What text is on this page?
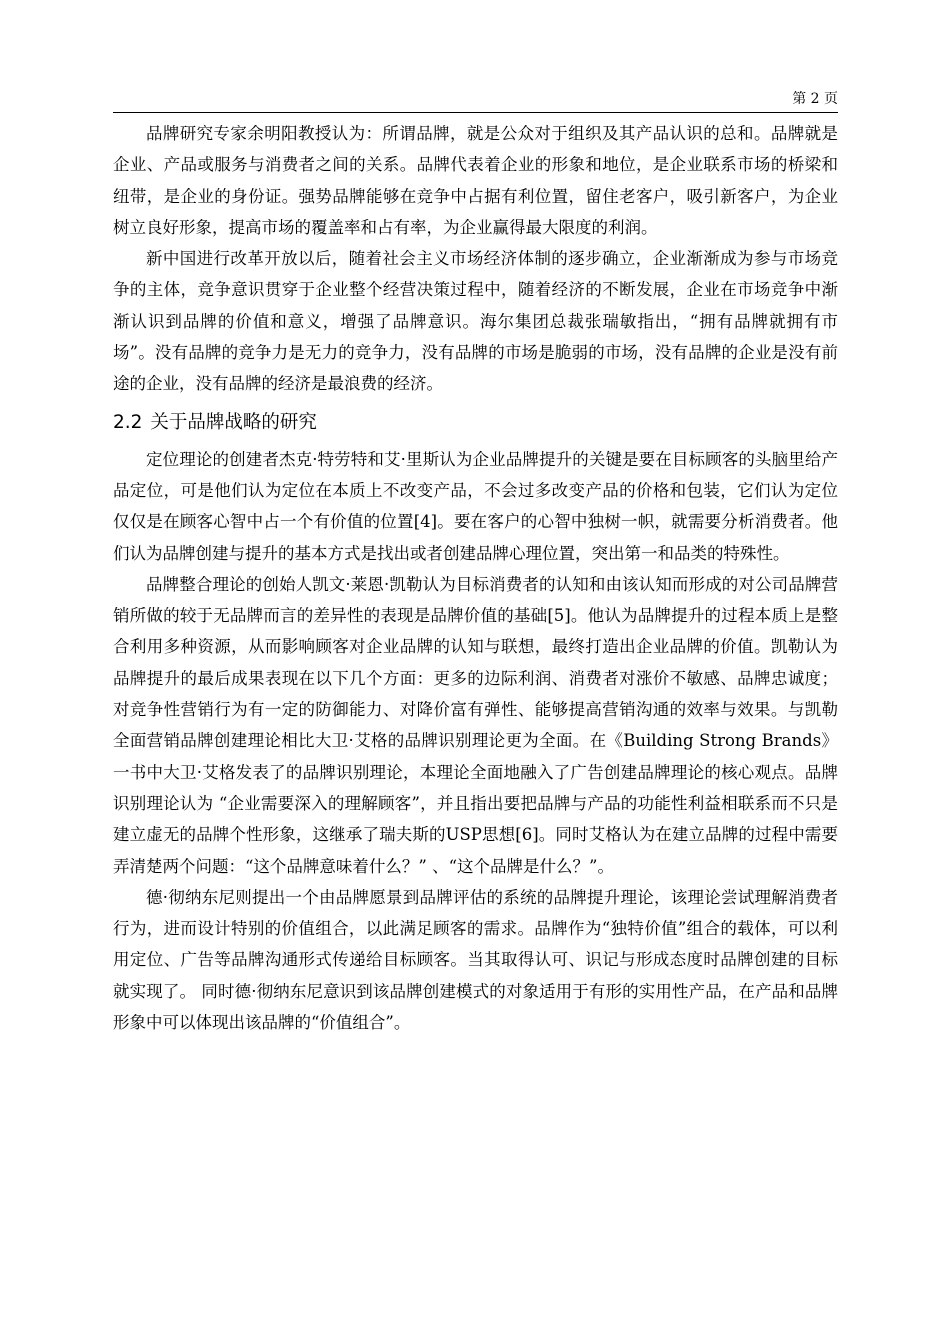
第 2 页

品牌研究专家余明阳教授认为：所谓品牌，就是公众对于组织及其产品认识的总和。品牌就是企业、产品或服务与消费者之间的关系。品牌代表着企业的形象和地位，是企业联系市场的桥梁和纽带，是企业的身份证。强势品牌能够在竞争中占据有利位置，留住老客户，吸引新客户，为企业树立良好形象，提高市场的覆盖率和占有率，为企业赢得最大限度的利润。

新中国进行改革开放以后，随着社会主义市场经济体制的逐步确立，企业渐渐成为参与市场竞争的主体，竞争意识贯穿于企业整个经营决策过程中，随着经济的不断发展，企业在市场竞争中渐渐认识到品牌的价值和意义，增强了品牌意识。海尔集团总裁张瑞敏指出，“拥有品牌就拥有市场”。没有品牌的竞争力是无力的竞争力，没有品牌的市场是脆弱的市场，没有品牌的企业是没有前途的企业，没有品牌的经济是最浪费的经济。

2.2 关于品牌战略的研究

定位理论的创建者杰克·特劳特和艾·里斯认为企业品牌提升的关键是要在目标顾客的头脑里给产品定位，可是他们认为定位在本质上不改变产品，不会过多改变产品的价格和包装，它们认为定位仅仅是在顾客心智中占一个有价值的位置[4]。要在客户的心智中独树一帜，就需要分析消费者。他们认为品牌创建与提升的基本方式是找出或者创建品牌心理位置，突出第一和品类的特殊性。

品牌整合理论的创始人凯文·莱恩·凯勒认为目标消费者的认知和由该认知而形成的对公司品牌营销所做的较于无品牌而言的差异性的表现是品牌价值的基础[5]。他认为品牌提升的过程本质上是整合利用多种资源，从而影响顾客对企业品牌的认知与联想，最终打造出企业品牌的价值。凯勒认为品牌提升的最后成果表现在以下几个方面：更多的边际利润、消费者对涨价不敏感、品牌忠诚度；对竞争性营销行为有一定的防御能力、对降价富有弹性、能够提高营销沟通的效率与效果。与凯勒全面营销品牌创建理论相比大卫·艾格的品牌识别理论更为全面。在《Building Strong Brands》一书中大卫·艾格发表了的品牌识别理论，本理论全面地融入了广告创建品牌理论的核心观点。品牌识别理论认为 “企业需要深入的理解顾客”，并且指出要把品牌与产品的功能性利益相联系而不只是建立虚无的品牌个性形象，这继承了瑞夫斯的USP思想[6]。同时艾格认为在建立品牌的过程中需要弄清楚两个问题：“这个品牌意味着什么？” 、“这个品牌是什么？”。

德·彻纳东尼则提出一个由品牌愿景到品牌评估的系统的品牌提升理论，该理论尝试理解消费者行为，进而设计特别的价值组合，以此满足顾客的需求。品牌作为“独特价值”组合的载体，可以利用定位、广告等品牌沟通形式传递给目标顾客。当其取得认可、识记与形成态度时品牌创建的目标就实现了。 同时德·彻纳东尼意识到该品牌创建模式的对象适用于有形的实用性产品，在产品和品牌形象中可以体现出该品牌的“价值组合”。
